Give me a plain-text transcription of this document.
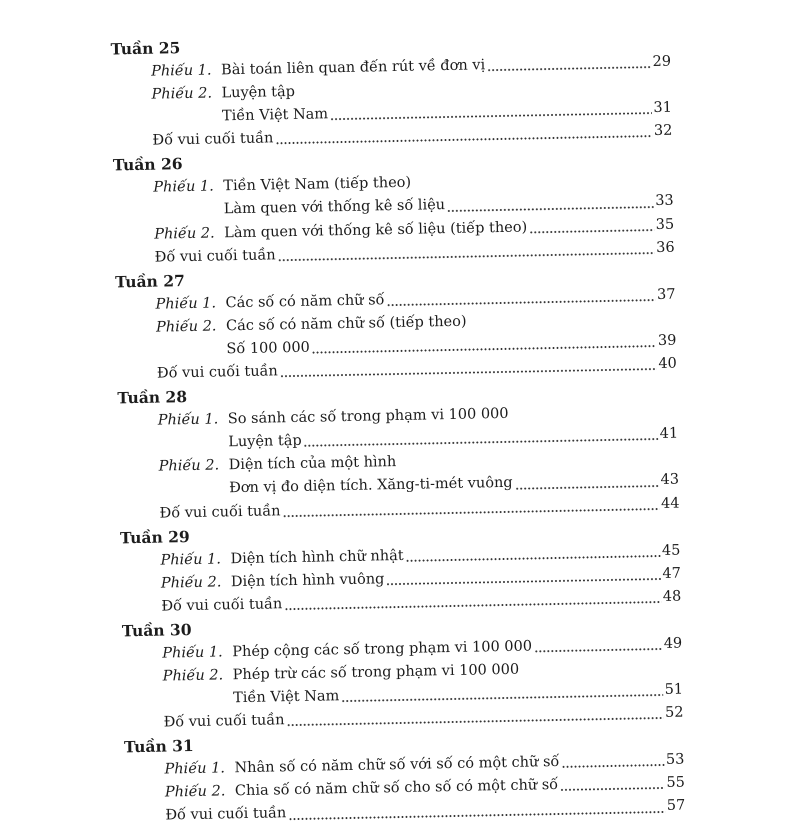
Tuần 25
Phiếu 1. Bài toán liên quan đến rút về đơn vị	29
Phiếu 2. Luyện tập
Tiền Việt Nam	31
Đố vui cuối tuần	32
Tuần 26
Phiếu 1. Tiền Việt Nam (tiếp theo)
Làm quen với thống kê số liệu	33
Phiếu 2. Làm quen với thống kê số liệu (tiếp theo)	35
Đố vui cuối tuần	36
Tuần 27
Phiếu 1. Các số có năm chữ số	37
Phiếu 2. Các số có năm chữ số (tiếp theo)
Số 100 000	39
Đố vui cuối tuần	40
Tuần 28
Phiếu 1. So sánh các số trong phạm vi 100 000
Luyện tập	41
Phiếu 2. Diện tích của một hình
Đơn vị đo diện tích. Xăng-ti-mét vuông	43
Đố vui cuối tuần	44
Tuần 29
Phiếu 1. Diện tích hình chữ nhật	45
Phiếu 2. Diện tích hình vuông	47
Đố vui cuối tuần	48
Tuần 30
Phiếu 1. Phép cộng các số trong phạm vi 100 000	49
Phiếu 2. Phép trừ các số trong phạm vi 100 000
Tiền Việt Nam	51
Đố vui cuối tuần	52
Tuần 31
Phiếu 1. Nhân số có năm chữ số với số có một chữ số	53
Phiếu 2. Chia số có năm chữ số cho số có một chữ số	55
Đố vui cuối tuần	57
